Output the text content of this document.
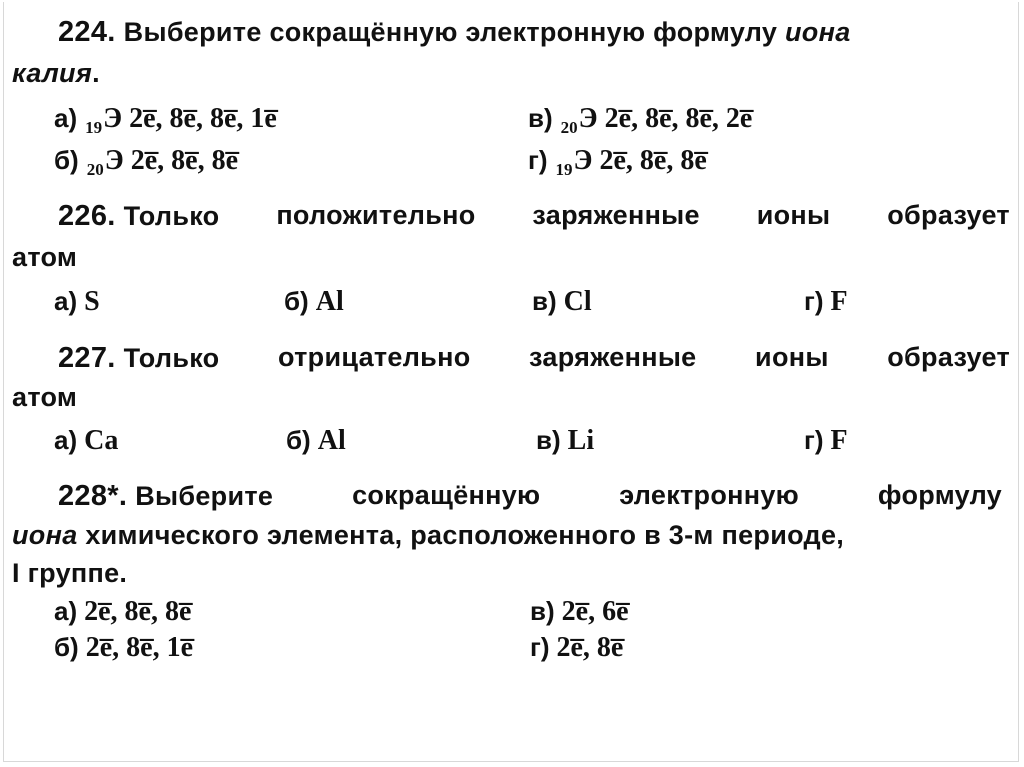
224. Выберите сокращённую электронную формулу иона
калия.
а) $_{19}$Э 2e̅, 8e̅, 8e̅, 1e̅	в) $_{20}$Э 2e̅, 8e̅, 8e̅, 2e̅
б) $_{20}$Э 2e̅, 8e̅, 8e̅	г) $_{19}$Э 2e̅, 8e̅, 8e̅
226. Только положительно заряженные ионы образует
атом
а) S	б) Al	в) Cl	г) F
227. Только отрицательно заряженные ионы образует
атом
а) Ca	б) Al	в) Li	г) F
228*. Выберите	сокращённую	электронную	формулу
иона химического элемента, расположенного в 3-м периоде,
I группе.
а) 2e̅, 8e̅, 8e̅	в) 2e̅, 6e̅
б) 2e̅, 8e̅, 1e̅	г) 2e̅, 8e̅
